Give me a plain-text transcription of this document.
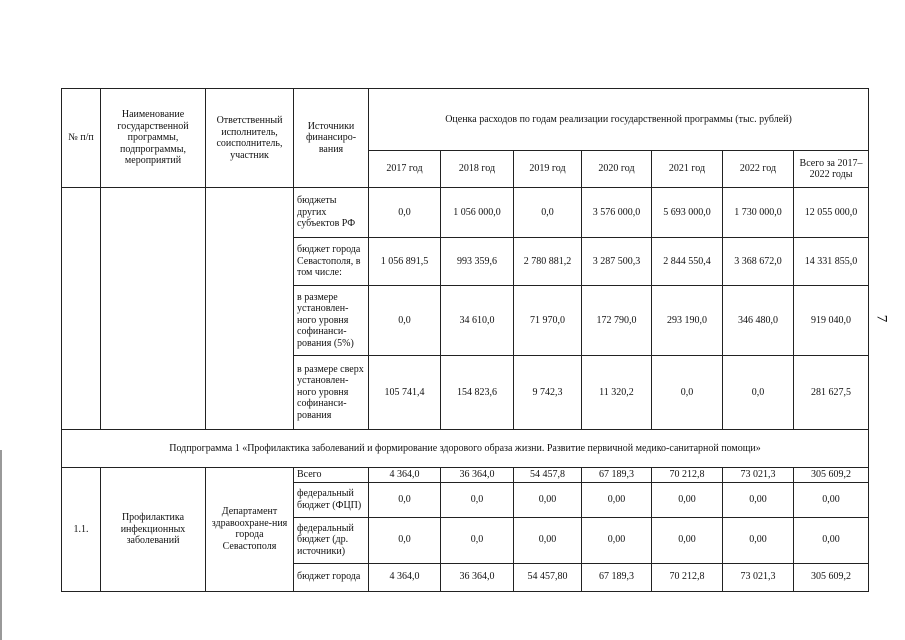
№ п/п	Наименование государственной программы, подпрограммы, мероприятий	Ответственный исполнитель, соисполнитель, участник	Источники финансиро-вания	Оценка расходов по годам реализации государственной программы (тыс. рублей)						
				2017 год	2018 год	2019 год	2020 год	2021 год	2022 год	Всего за 2017–2022 годы
			бюджеты других субъектов РФ	0,0	1 056 000,0	0,0	3 576 000,0	5 693 000,0	1 730 000,0	12 055 000,0
			бюджет города Севастополя, в том числе:	1 056 891,5	993 359,6	2 780 881,2	3 287 500,3	2 844 550,4	3 368 672,0	14 331 855,0
			в размере установлен-ного уровня софинанси-рования (5%)	0,0	34 610,0	71 970,0	172 790,0	293 190,0	346 480,0	919 040,0
			в размере сверх установлен-ного уровня софинанси-рования	105 741,4	154 823,6	9 742,3	11 320,2	0,0	0,0	281 627,5
Подпрограмма 1 «Профилактика заболеваний и формирование здорового образа жизни. Развитие первичной медико-санитарной помощи»										
1.1.	Профилактика инфекционных заболеваний	Департамент здравоохране-ния города Севастополя	Всего	4 364,0	36 364,0	54 457,8	67 189,3	70 212,8	73 021,3	305 609,2
			федеральный бюджет (ФЦП)	0,0	0,0	0,00	0,00	0,00	0,00	0,00
			федеральный бюджет (др. источники)	0,0	0,0	0,00	0,00	0,00	0,00	0,00
			бюджет города	4 364,0	36 364,0	54 457,80	67 189,3	70 212,8	73 021,3	305 609,2
7
